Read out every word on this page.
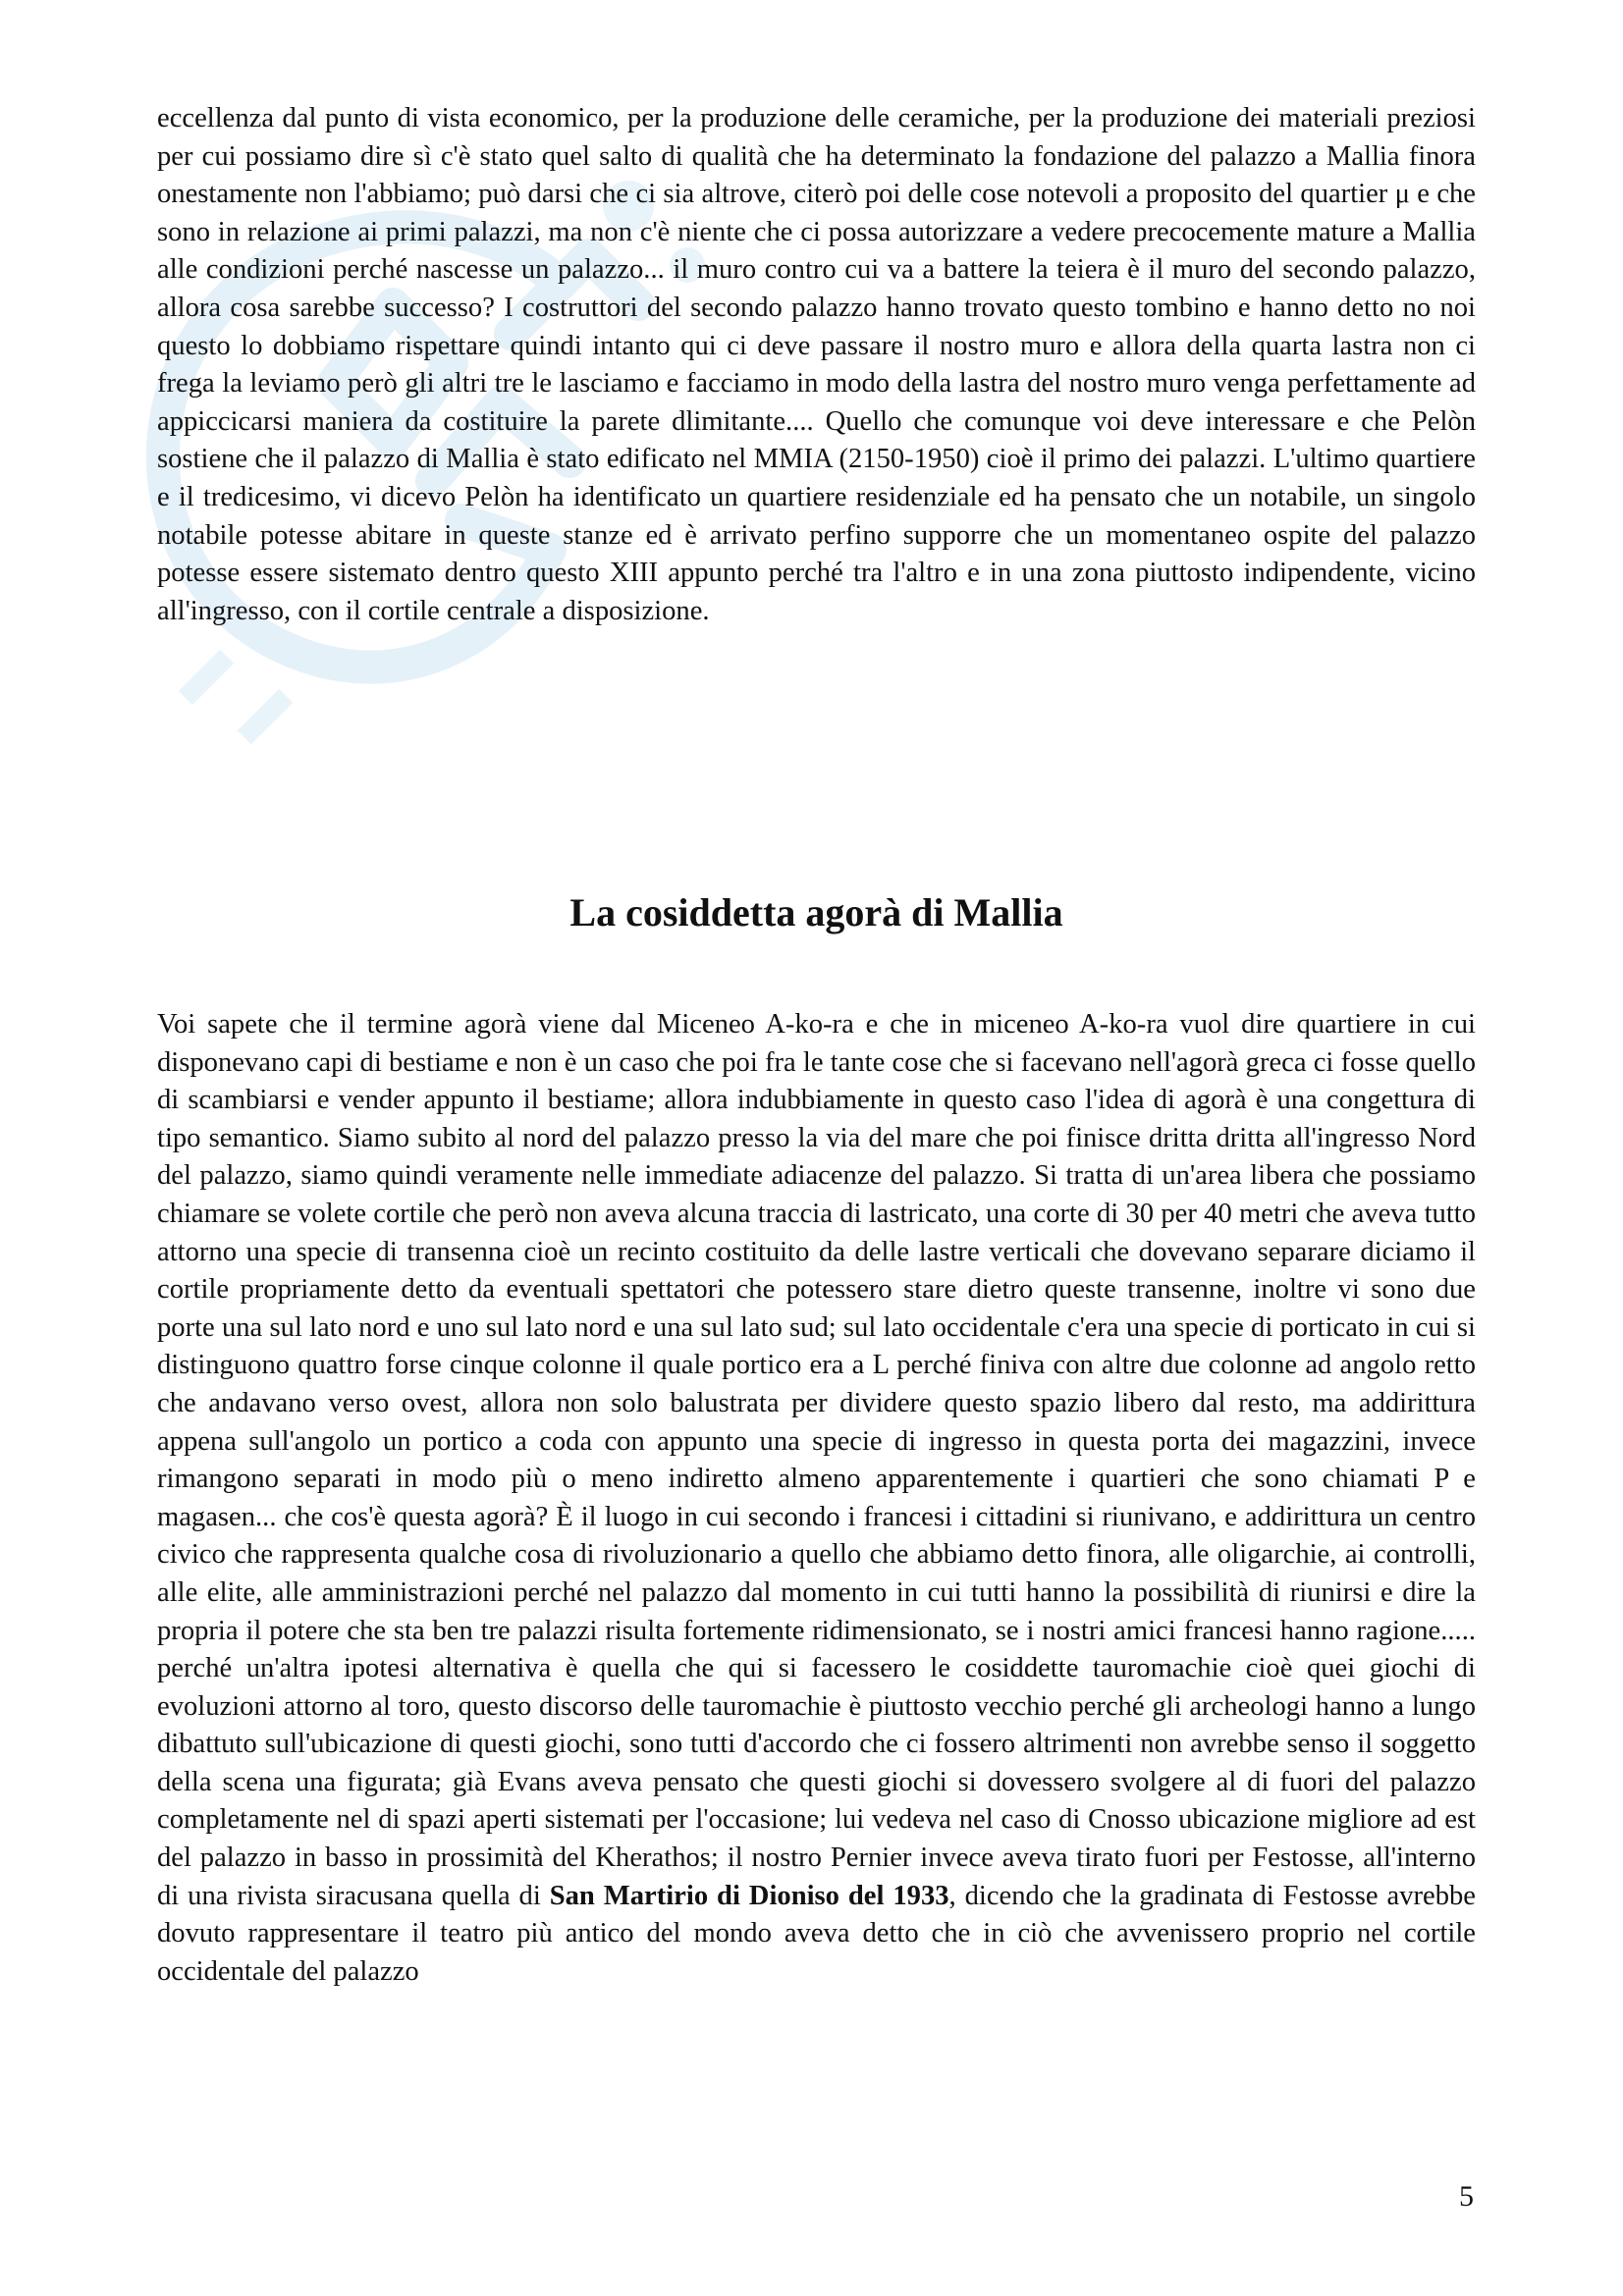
eccellenza dal punto di vista economico, per la produzione delle ceramiche, per la produzione dei materiali preziosi per cui possiamo dire sì c'è stato quel salto di qualità che ha determinato la fondazione del palazzo a Mallia finora onestamente non l'abbiamo; può darsi che ci sia altrove, citerò poi delle cose notevoli a proposito del quartier μ e che sono in relazione ai primi palazzi, ma non c'è niente che ci possa autorizzare a vedere precocemente mature a Mallia alle condizioni perché nascesse un palazzo... il muro contro cui va a battere la teiera è il muro del secondo palazzo, allora cosa sarebbe successo? I costruttori del secondo palazzo hanno trovato questo tombino e hanno detto no noi questo lo dobbiamo rispettare quindi intanto qui ci deve passare il nostro muro e allora della quarta lastra non ci frega la leviamo però gli altri tre le lasciamo e facciamo in modo della lastra del nostro muro venga perfettamente ad appiccicarsi maniera da costituire la parete dlimitante.... Quello che comunque voi deve interessare e che Pelòn sostiene che il palazzo di Mallia è stato edificato nel MMIA (2150-1950) cioè il primo dei palazzi. L'ultimo quartiere e il tredicesimo, vi dicevo Pelòn ha identificato un quartiere residenziale ed ha pensato che un notabile, un singolo notabile potesse abitare in queste stanze ed è arrivato perfino supporre che un momentaneo ospite del palazzo potesse essere sistemato dentro questo XIII appunto perché tra l'altro e in una zona piuttosto indipendente, vicino all'ingresso, con il cortile centrale a disposizione.

La cosiddetta agorà di Mallia

Voi sapete che il termine agorà viene dal Miceneo A-ko-ra e che in miceneo A-ko-ra vuol dire quartiere in cui disponevano capi di bestiame e non è un caso che poi fra le tante cose che si facevano nell'agorà greca ci fosse quello di scambiarsi e vender appunto il bestiame; allora indubbiamente in questo caso l'idea di agorà è una congettura di tipo semantico. Siamo subito al nord del palazzo presso la via del mare che poi finisce dritta dritta all'ingresso Nord del palazzo, siamo quindi veramente nelle immediate adiacenze del palazzo. Si tratta di un'area libera che possiamo chiamare se volete cortile che però non aveva alcuna traccia di lastricato, una corte di 30 per 40 metri che aveva tutto attorno una specie di transenna cioè un recinto costituito da delle lastre verticali che dovevano separare diciamo il cortile propriamente detto da eventuali spettatori che potessero stare dietro queste transenne, inoltre vi sono due porte una sul lato nord e uno sul lato nord e una sul lato sud; sul lato occidentale c'era una specie di porticato in cui si distinguono quattro forse cinque colonne il quale portico era a L perché finiva con altre due colonne ad angolo retto che andavano verso ovest, allora non solo balustrata per dividere questo spazio libero dal resto, ma addirittura appena sull'angolo un portico a coda con appunto una specie di ingresso in questa porta dei magazzini, invece rimangono separati in modo più o meno indiretto almeno apparentemente i quartieri che sono chiamati P e magasen... che cos'è questa agorà? È il luogo in cui secondo i francesi i cittadini si riunivano, e addirittura un centro civico che rappresenta qualche cosa di rivoluzionario a quello che abbiamo detto finora, alle oligarchie, ai controlli, alle elite, alle amministrazioni perché nel palazzo dal momento in cui tutti hanno la possibilità di riunirsi e dire la propria il potere che sta ben tre palazzi risulta fortemente ridimensionato, se i nostri amici francesi hanno ragione..... perché un'altra ipotesi alternativa è quella che qui si facessero le cosiddette tauromachie cioè quei giochi di evoluzioni attorno al toro, questo discorso delle tauromachie è piuttosto vecchio perché gli archeologi hanno a lungo dibattuto sull'ubicazione di questi giochi, sono tutti d'accordo che ci fossero altrimenti non avrebbe senso il soggetto della scena una figurata; già Evans aveva pensato che questi giochi si dovessero svolgere al di fuori del palazzo completamente nel di spazi aperti sistemati per l'occasione; lui vedeva nel caso di Cnosso ubicazione migliore ad est del palazzo in basso in prossimità del Kherathos; il nostro Pernier invece aveva tirato fuori per Festosse, all'interno di una rivista siracusana quella di San Martirio di Dioniso del 1933, dicendo che la gradinata di Festosse avrebbe dovuto rappresentare il teatro più antico del mondo aveva detto che in ciò che avvenissero proprio nel cortile occidentale del palazzo

5
